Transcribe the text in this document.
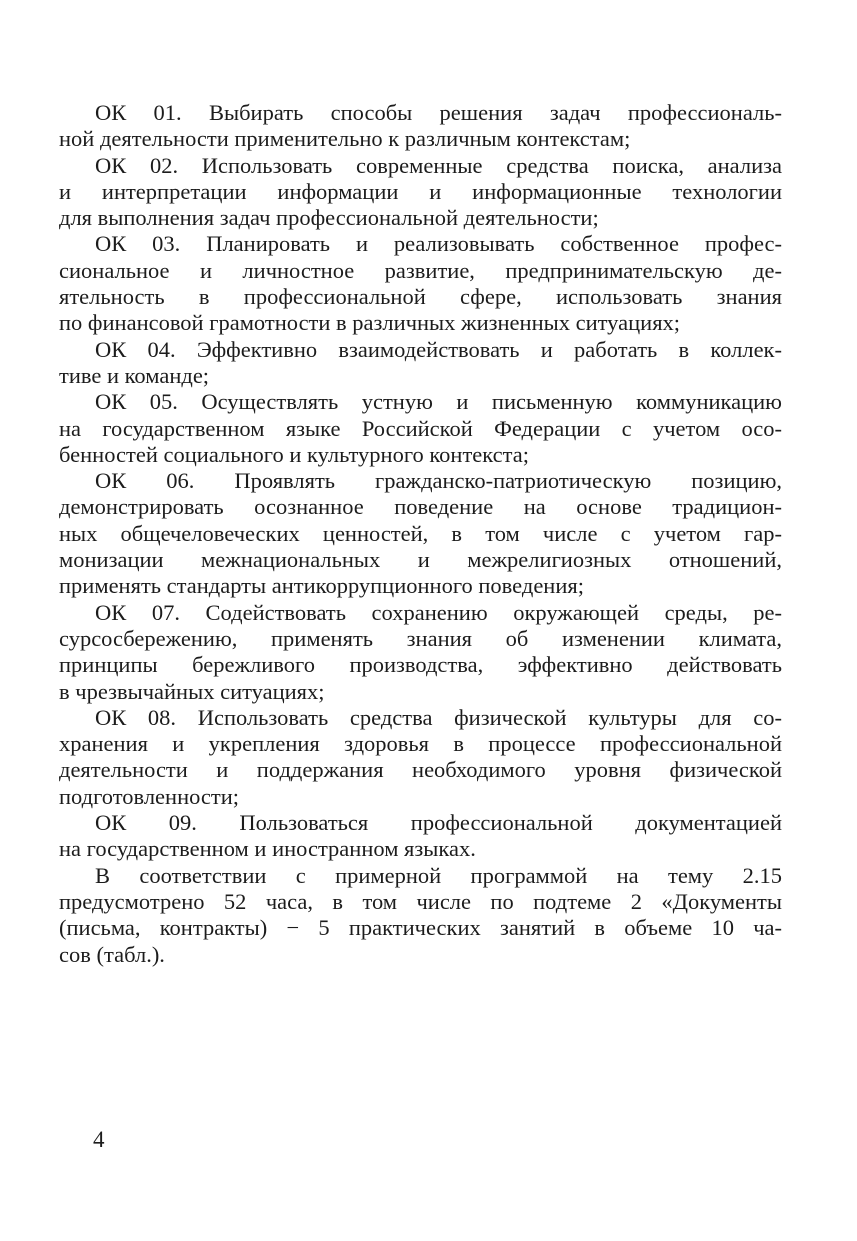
ОК 01. Выбирать способы решения задач профессиональ-
ной деятельности применительно к различным контекстам;
ОК 02. Использовать современные средства поиска, анализа
и интерпретации информации и информационные технологии
для выполнения задач профессиональной деятельности;
ОК 03. Планировать и реализовывать собственное профес-
сиональное и личностное развитие, предпринимательскую де-
ятельность в профессиональной сфере, использовать знания
по финансовой грамотности в различных жизненных ситуациях;
ОК 04. Эффективно взаимодействовать и работать в коллек-
тиве и команде;
ОК 05. Осуществлять устную и письменную коммуникацию
на государственном языке Российской Федерации с учетом осо-
бенностей социального и культурного контекста;
ОК 06. Проявлять гражданско-патриотическую позицию,
демонстрировать осознанное поведение на основе традицион-
ных общечеловеческих ценностей, в том числе с учетом гар-
монизации межнациональных и межрелигиозных отношений,
применять стандарты антикоррупционного поведения;
ОК 07. Содействовать сохранению окружающей среды, ре-
сурсосбережению, применять знания об изменении климата,
принципы бережливого производства, эффективно действовать
в чрезвычайных ситуациях;
ОК 08. Использовать средства физической культуры для со-
хранения и укрепления здоровья в процессе профессиональной
деятельности и поддержания необходимого уровня физической
подготовленности;
ОК 09. Пользоваться профессиональной документацией
на государственном и иностранном языках.
В соответствии с примерной программой на тему 2.15
предусмотрено 52 часа, в том числе по подтеме 2 «Документы
(письма, контракты) − 5 практических занятий в объеме 10 ча-
сов (табл.).
4
